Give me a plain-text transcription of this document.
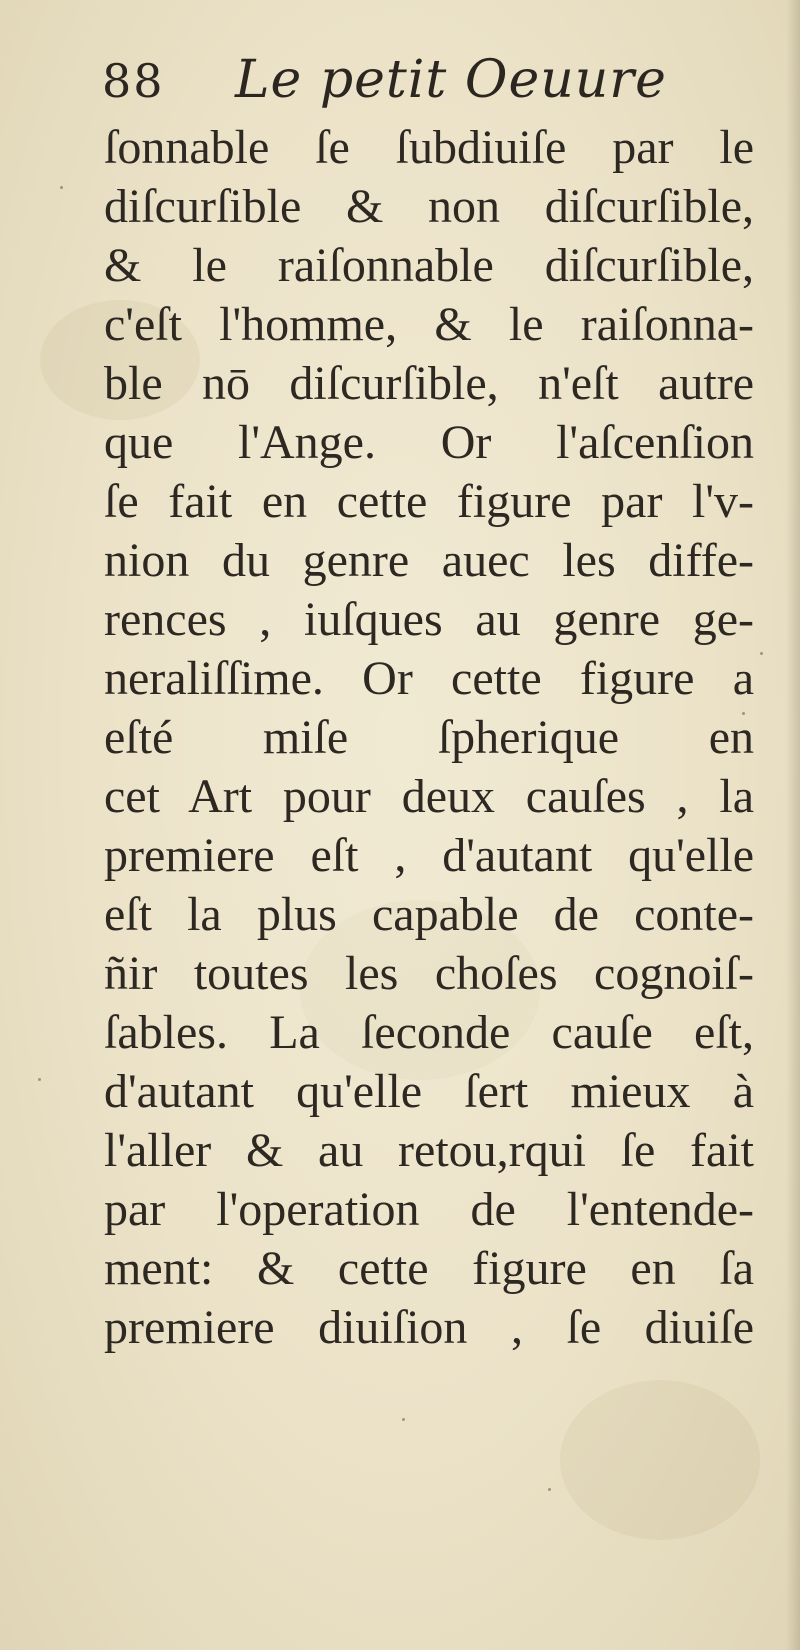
88 Le petit Oeuure
ſonnable ſe ſubdiuiſe par le
diſcurſible & non diſcurſible,
& le raiſonnable diſcurſible,
c'eſt l'homme, & le raiſonna-
ble nō diſcurſible, n'eſt autre
que l'Ange. Or l'aſcenſion
ſe fait en cette figure par l'v-
nion du genre auec les diffe-
rences , iuſques au genre ge-
neraliſſime. Or cette figure a
eſté miſe ſpherique en
cet Art pour deux cauſes , la
premiere eſt , d'autant qu'elle
eſt la plus capable de conte-
ñir toutes les choſes cognoiſ-
ſables. La ſeconde cauſe eſt,
d'autant qu'elle ſert mieux à
l'aller & au retou,rqui ſe fait
par l'operation de l'entende-
ment: & cette figure en ſa
premiere diuiſion , ſe diuiſe
